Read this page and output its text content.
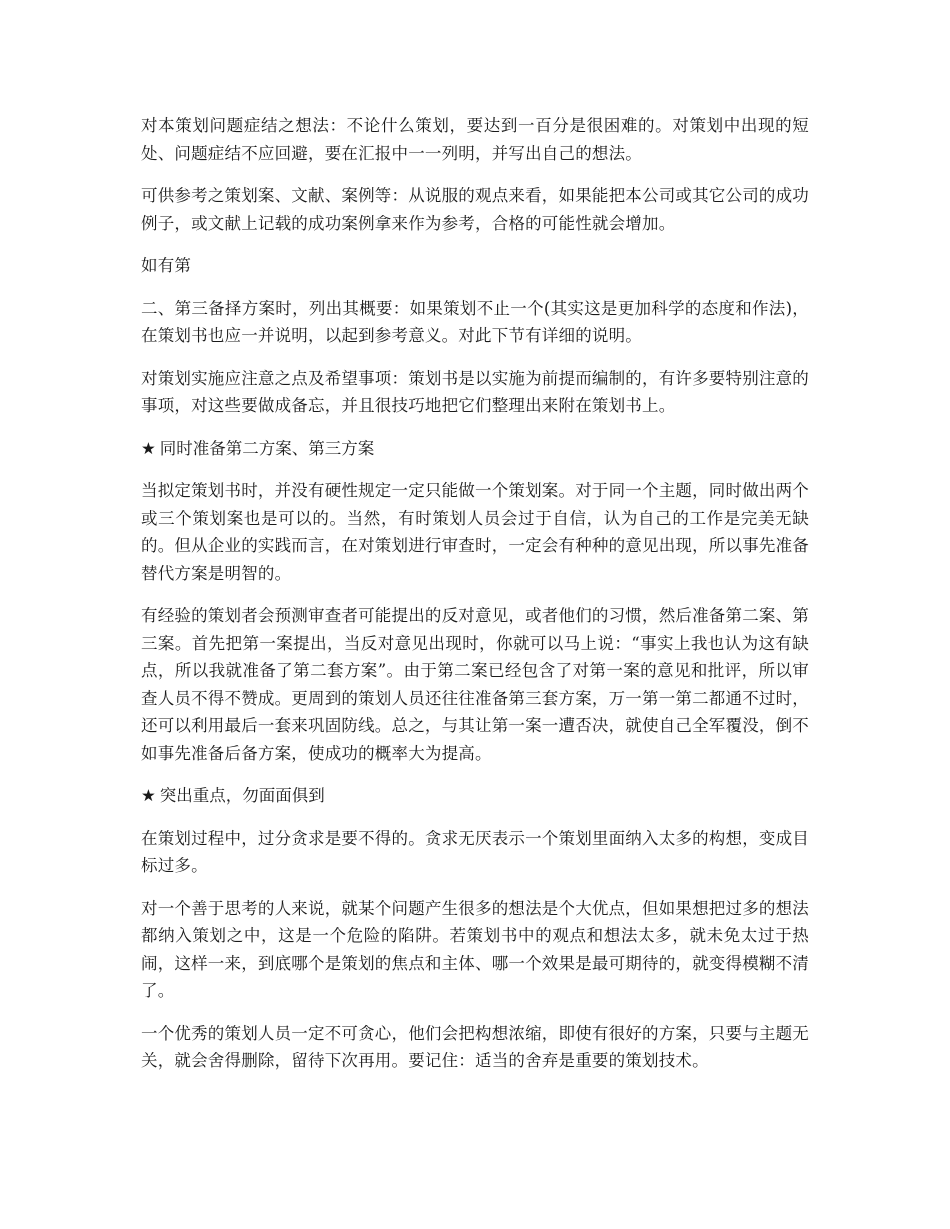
对本策划问题症结之想法：不论什么策划，要达到一百分是很困难的。对策划中出现的短处、问题症结不应回避，要在汇报中一一列明，并写出自己的想法。

可供参考之策划案、文献、案例等：从说服的观点来看，如果能把本公司或其它公司的成功例子，或文献上记载的成功案例拿来作为参考，合格的可能性就会增加。

如有第

二、第三备择方案时，列出其概要：如果策划不止一个(其实这是更加科学的态度和作法)，在策划书也应一并说明，以起到参考意义。对此下节有详细的说明。

对策划实施应注意之点及希望事项：策划书是以实施为前提而编制的，有许多要特别注意的事项，对这些要做成备忘，并且很技巧地把它们整理出来附在策划书上。

★ 同时准备第二方案、第三方案

当拟定策划书时，并没有硬性规定一定只能做一个策划案。对于同一个主题，同时做出两个或三个策划案也是可以的。当然，有时策划人员会过于自信，认为自己的工作是完美无缺的。但从企业的实践而言，在对策划进行审查时，一定会有种种的意见出现，所以事先准备替代方案是明智的。

有经验的策划者会预测审查者可能提出的反对意见，或者他们的习惯，然后准备第二案、第三案。首先把第一案提出，当反对意见出现时，你就可以马上说：“事实上我也认为这有缺点，所以我就准备了第二套方案”。由于第二案已经包含了对第一案的意见和批评，所以审查人员不得不赞成。更周到的策划人员还往往准备第三套方案，万一第一第二都通不过时，还可以利用最后一套来巩固防线。总之，与其让第一案一遭否决，就使自己全军覆没，倒不如事先准备后备方案，使成功的概率大为提高。

★ 突出重点，勿面面俱到

在策划过程中，过分贪求是要不得的。贪求无厌表示一个策划里面纳入太多的构想，变成目标过多。

对一个善于思考的人来说，就某个问题产生很多的想法是个大优点，但如果想把过多的想法都纳入策划之中，这是一个危险的陷阱。若策划书中的观点和想法太多，就未免太过于热闹，这样一来，到底哪个是策划的焦点和主体、哪一个效果是最可期待的，就变得模糊不清了。

一个优秀的策划人员一定不可贪心，他们会把构想浓缩，即使有很好的方案，只要与主题无关，就会舍得删除，留待下次再用。要记住：适当的舍弃是重要的策划技术。
